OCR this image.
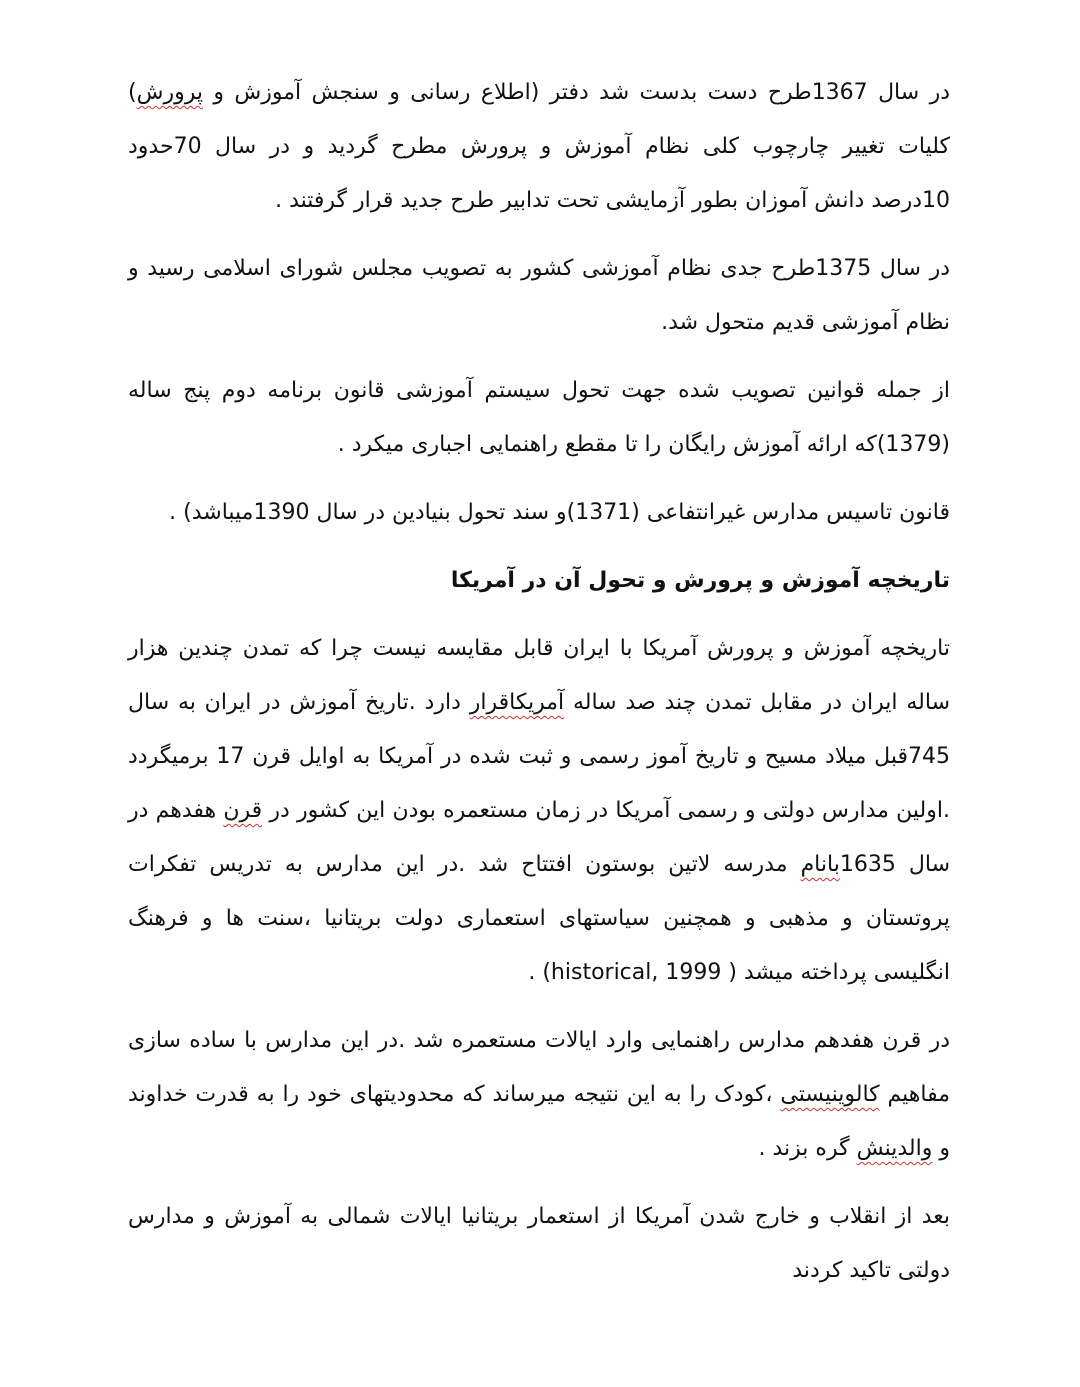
در سال 1367طرح دست بدست شد دفتر (اطلاع رسانی و سنجش آموزش و پرورش) کلیات تغییر چارچوب کلی نظام آموزش و پرورش مطرح گردید و در سال 70حدود 10درصد دانش آموزان بطور آزمایشی تحت تدابیر طرح جدید قرار گرفتند .

در سال 1375طرح جدی نظام آموزشی کشور به تصویب مجلس شورای اسلامی رسید و نظام آموزشی قدیم متحول شد.

از جمله قوانین تصویب شده جهت تحول سیستم آموزشی قانون برنامه دوم پنج ساله (1379)که ارائه آموزش رایگان را تا مقطع راهنمایی اجباری میکرد .

قانون تاسیس مدارس غیرانتفاعی (1371)و سند تحول بنیادین در سال 1390میباشد) .

تاریخچه آموزش و پرورش و تحول آن در آمریکا

تاریخچه آموزش و پرورش آمریکا با ایران قابل مقایسه نیست چرا که تمدن چندین هزار ساله ایران در مقابل تمدن چند صد ساله آمریکاقرار دارد .تاریخ آموزش در ایران به سال 745قبل میلاد مسیح و تاریخ آموز رسمی و ثبت شده در آمریکا به اوایل قرن 17 برمیگردد .اولین مدارس دولتی و رسمی آمریکا در زمان مستعمره بودن این کشور در قرن هفدهم در سال 1635بانام مدرسه لاتین بوستون افتتاح شد .در این مدارس به تدریس تفکرات پروتستان و مذهبی و همچنین سیاستهای استعماری دولت بریتانیا ،سنت ها و فرهنگ انگلیسی پرداخته میشد ( historical, 1999) .

در قرن هفدهم مدارس راهنمایی وارد ایالات مستعمره شد .در این مدارس با ساده سازی مفاهیم کالوینیستی ،کودک را به این نتیجه میرساند که محدودیتهای خود را به قدرت خداوند و والدینش گره بزند .

بعد از انقلاب و خارج شدن آمریکا از استعمار بریتانیا ایالات شمالی به آموزش و مدارس دولتی تاکید کردند
